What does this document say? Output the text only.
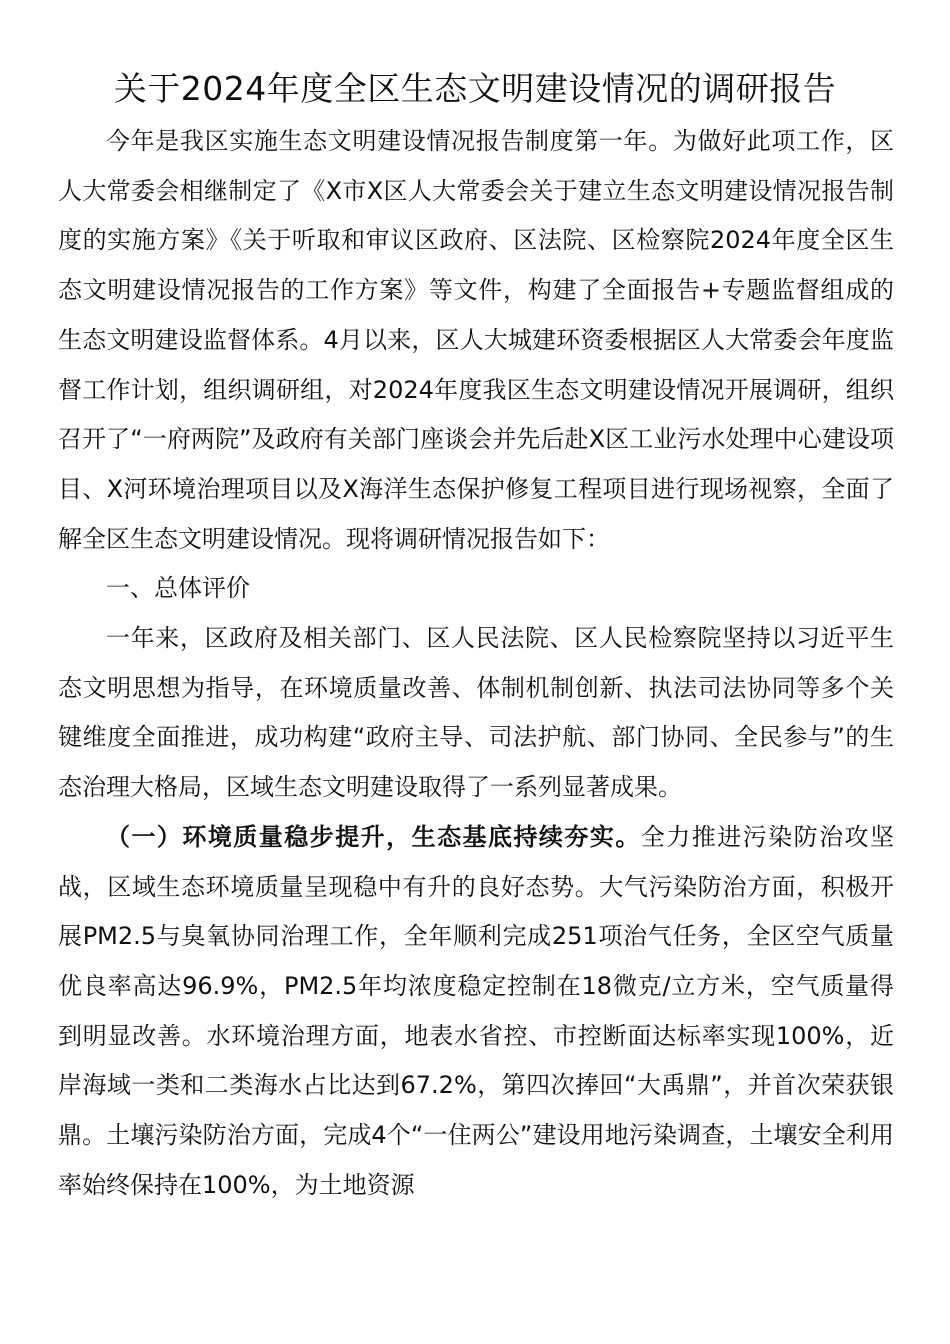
关于2024年度全区生态文明建设情况的调研报告

今年是我区实施生态文明建设情况报告制度第一年。为做好此项工作，区人大常委会相继制定了《X市X区人大常委会关于建立生态文明建设情况报告制度的实施方案》《关于听取和审议区政府、区法院、区检察院2024年度全区生态文明建设情况报告的工作方案》等文件，构建了全面报告+专题监督组成的生态文明建设监督体系。4月以来，区人大城建环资委根据区人大常委会年度监督工作计划，组织调研组，对2024年度我区生态文明建设情况开展调研，组织召开了“一府两院”及政府有关部门座谈会并先后赴X区工业污水处理中心建设项目、X河环境治理项目以及X海洋生态保护修复工程项目进行现场视察，全面了解全区生态文明建设情况。现将调研情况报告如下：

一、总体评价

一年来，区政府及相关部门、区人民法院、区人民检察院坚持以习近平生态文明思想为指导，在环境质量改善、体制机制创新、执法司法协同等多个关键维度全面推进，成功构建“政府主导、司法护航、部门协同、全民参与”的生态治理大格局，区域生态文明建设取得了一系列显著成果。

（一）环境质量稳步提升，生态基底持续夯实。全力推进污染防治攻坚战，区域生态环境质量呈现稳中有升的良好态势。大气污染防治方面，积极开展PM2.5与臭氧协同治理工作，全年顺利完成251项治气任务，全区空气质量优良率高达96.9%，PM2.5年均浓度稳定控制在18微克/立方米，空气质量得到明显改善。水环境治理方面，地表水省控、市控断面达标率实现100%，近岸海域一类和二类海水占比达到67.2%，第四次捧回“大禹鼎”，并首次荣获银鼎。土壤污染防治方面，完成4个“一住两公”建设用地污染调查，土壤安全利用率始终保持在100%，为土地资源
